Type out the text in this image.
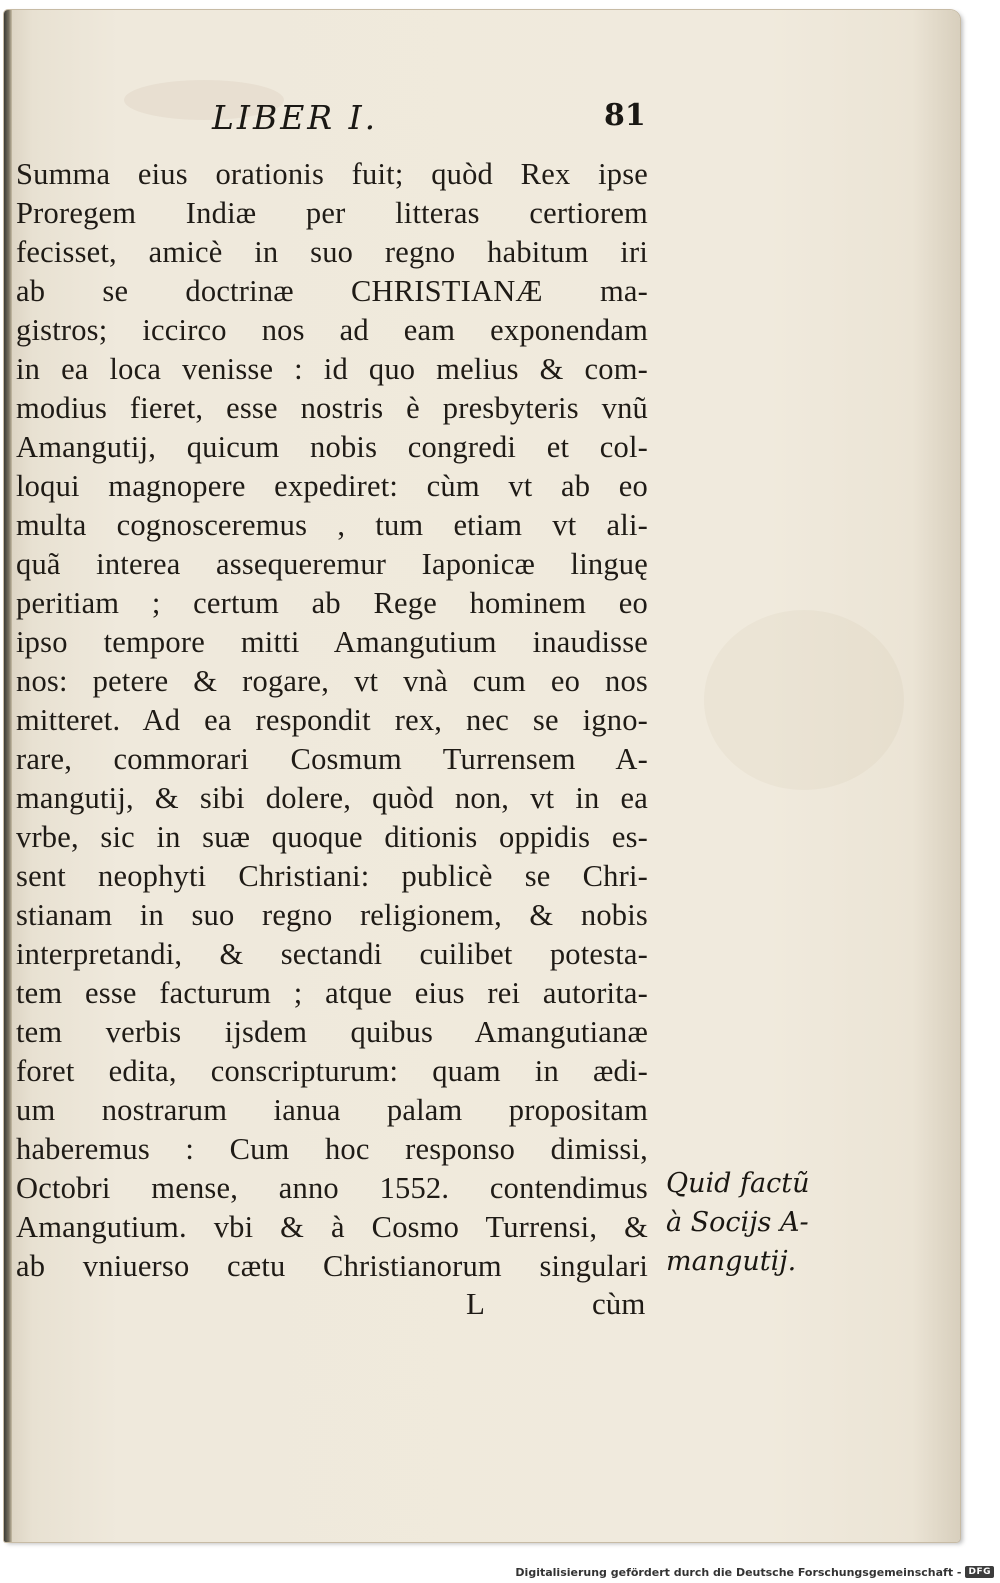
LIBER I.	81
Summa eius orationis fuit; quòd Rex ipse
Proregem Indiæ per litteras certiorem
fecisset, amicè in suo regno habitum iri
ab se doctrinæ CHRISTIANÆ ma-
gistros; iccirco nos ad eam exponendam
in ea loca venisse : id quo melius & com-
modius fieret, esse nostris è presbyteris vnũ
Amangutij, quicum nobis congredi et col-
loqui magnopere expediret: cùm vt ab eo
multa cognosceremus , tum etiam vt ali-
quã interea assequeremur Iaponicæ linguę
peritiam ; certum ab Rege hominem eo
ipso tempore mitti Amangutium inaudisse
nos: petere & rogare, vt vnà cum eo nos
mitteret. Ad ea respondit rex, nec se igno-
rare, commorari Cosmum Turrensem A-
mangutij, & sibi dolere, quòd non, vt in ea
vrbe, sic in suæ quoque ditionis oppidis es-
sent neophyti Christiani: publicè se Chri-
stianam in suo regno religionem, & nobis
interpretandi, & sectandi cuilibet potesta-
tem esse facturum ; atque eius rei autorita-
tem verbis ijsdem quibus Amangutianæ
foret edita, conscripturum: quam in ædi-
um nostrarum ianua palam propositam
haberemus : Cum hoc responso dimissi,
Octobri mense, anno 1552. contendimus
Amangutium. vbi & à Cosmo Turrensi, &
ab vniuerso cætu Christianorum singulari
Quid factũ
à Socijs A-
mangutij.
L	cùm
Digitalisierung gefördert durch die Deutsche Forschungsgemeinschaft - DFG
